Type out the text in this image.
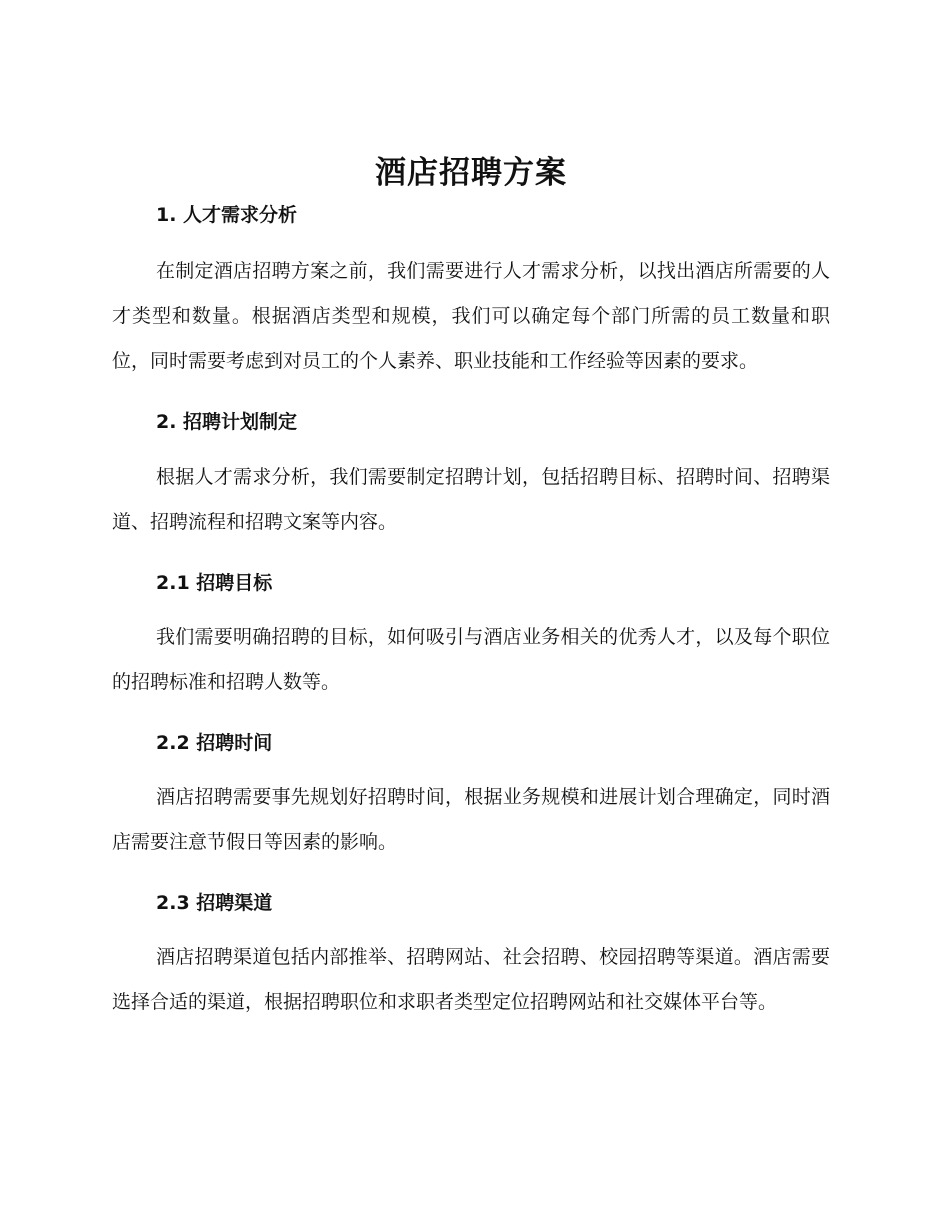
酒店招聘方案
1. 人才需求分析

在制定酒店招聘方案之前，我们需要进行人才需求分析，以找出酒店所需要的人才类型和数量。根据酒店类型和规模，我们可以确定每个部门所需的员工数量和职位，同时需要考虑到对员工的个人素养、职业技能和工作经验等因素的要求。

2. 招聘计划制定

根据人才需求分析，我们需要制定招聘计划，包括招聘目标、招聘时间、招聘渠道、招聘流程和招聘文案等内容。

2.1 招聘目标

我们需要明确招聘的目标，如何吸引与酒店业务相关的优秀人才，以及每个职位的招聘标准和招聘人数等。

2.2 招聘时间

酒店招聘需要事先规划好招聘时间，根据业务规模和进展计划合理确定，同时酒店需要注意节假日等因素的影响。

2.3 招聘渠道

酒店招聘渠道包括内部推举、招聘网站、社会招聘、校园招聘等渠道。酒店需要选择合适的渠道，根据招聘职位和求职者类型定位招聘网站和社交媒体平台等。
